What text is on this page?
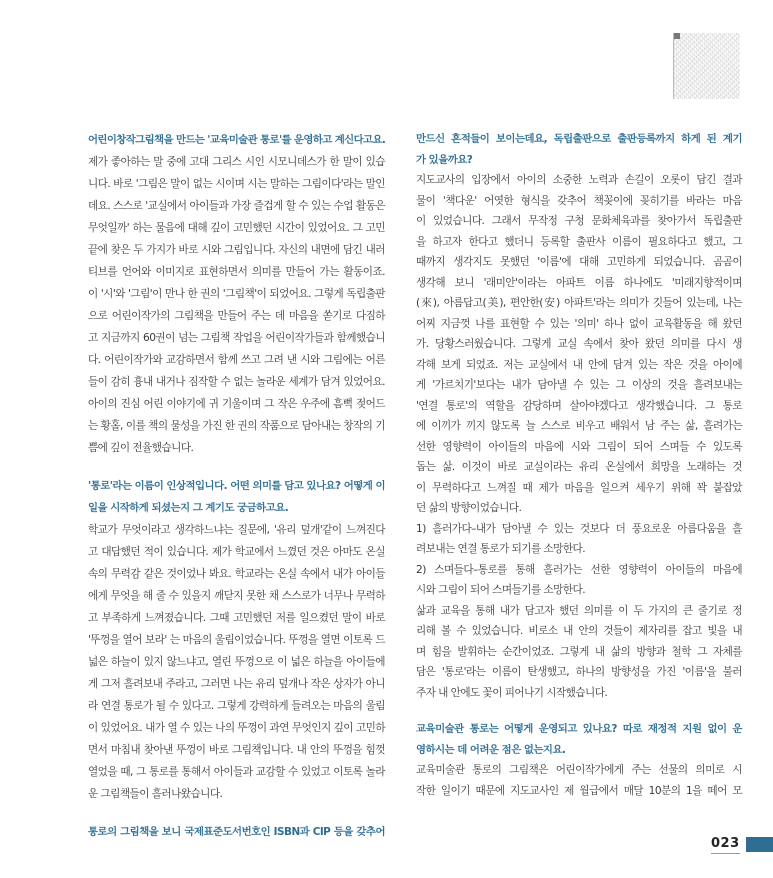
어린이창작그림책을 만드는 '교육미술관 통로'를 운영하고 계신다고요.
제가 좋아하는 말 중에 고대 그리스 시인 시모니데스가 한 말이 있습
니다. 바로 '그림은 말이 없는 시이며 시는 말하는 그림이다'라는 말인
데요. 스스로 '교실에서 아이들과 가장 즐겁게 할 수 있는 수업 활동은
무엇일까' 하는 물음에 대해 깊이 고민했던 시간이 있었어요. 그 고민
끝에 찾은 두 가지가 바로 시와 그림입니다. 자신의 내면에 담긴 내러
티브를 언어와 이미지로 표현하면서 의미를 만들어 가는 활동이죠.
이 '시'와 '그림'이 만나 한 권의 '그림책'이 되었어요. 그렇게 독립출판
으로 어린이작가의 그림책을 만들어 주는 데 마음을 쏟기로 다짐하
고 지금까지 60권이 넘는 그림책 작업을 어린이작가들과 함께했습니
다. 어린이작가와 교감하면서 함께 쓰고 그려 낸 시와 그림에는 어른
들이 감히 흉내 내거나 짐작할 수 없는 놀라운 세계가 담겨 있었어요.
아이의 진심 어린 이야기에 귀 기울이며 그 작은 우주에 흠뻑 젖어드
는 황홀, 이를 책의 물성을 가진 한 권의 작품으로 담아내는 창작의 기
쁨에 깊이 전율했습니다.
'통로'라는 이름이 인상적입니다. 어떤 의미를 담고 있나요? 어떻게 이
일을 시작하게 되셨는지 그 계기도 궁금하고요.
학교가 무엇이라고 생각하느냐는 질문에, '유리 덮개'같이 느껴진다
고 대답했던 적이 있습니다. 제가 학교에서 느꼈던 것은 아마도 온실
속의 무력감 같은 것이었나 봐요. 학교라는 온실 속에서 내가 아이들
에게 무엇을 해 줄 수 있을지 깨닫지 못한 채 스스로가 너무나 무력하
고 부족하게 느껴졌습니다. 그때 고민했던 저를 일으켰던 말이 바로
'뚜껑을 열어 보라' 는 마음의 울림이었습니다. 뚜껑을 열면 이토록 드
넓은 하늘이 있지 않느냐고, 열린 뚜껑으로 이 넓은 하늘을 아이들에
게 그저 흘려보내 주라고, 그러면 나는 유리 덮개나 작은 상자가 아니
라 연결 통로가 될 수 있다고. 그렇게 강력하게 들려오는 마음의 울림
이 있었어요. 내가 열 수 있는 나의 뚜껑이 과연 무엇인지 깊이 고민하
면서 마침내 찾아낸 뚜껑이 바로 그림책입니다. 내 안의 뚜껑을 힘껏
열었을 때, 그 통로를 통해서 아이들과 교감할 수 있었고 이토록 놀라
운 그림책들이 흘러나왔습니다.
통로의 그림책을 보니 국제표준도서번호인 ISBN과 CIP 등을 갖추어
만드신 흔적들이 보이는데요, 독립출판으로 출판등록까지 하게 된 계기
가 있을까요?
지도교사의 입장에서 아이의 소중한 노력과 손길이 오롯이 담긴 결과
물이 '책다운' 어엿한 형식을 갖추어 책꽂이에 꽂히기를 바라는 마음
이 있었습니다. 그래서 무작정 구청 문화체육과를 찾아가서 독립출판
을 하고자 한다고 했더니 등록할 출판사 이름이 필요하다고 했고, 그
때까지 생각지도 못했던 '이름'에 대해 고민하게 되었습니다. 곰곰이
생각해 보니 '래미안'이라는 아파트 이름 하나에도 '미래지향적이며
(來), 아름답고(美), 편안한(安) 아파트'라는 의미가 깃들어 있는데, 나는
어찌 지금껏 나를 표현할 수 있는 '의미' 하나 없이 교육활동을 해 왔던
가. 당황스러웠습니다. 그렇게 교실 속에서 찾아 왔던 의미를 다시 생
각해 보게 되었죠. 저는 교실에서 내 안에 담겨 있는 작은 것을 아이에
게 '가르치기'보다는 내가 담아낼 수 있는 그 이상의 것을 흘려보내는
'연결 통로'의 역할을 감당하며 살아야겠다고 생각했습니다. 그 통로
에 이끼가 끼지 않도록 늘 스스로 비우고 배워서 남 주는 삶, 흘려가는
선한 영향력이 아이들의 마음에 시와 그림이 되어 스며들 수 있도록
돕는 삶. 이것이 바로 교실이라는 유리 온실에서 희망을 노래하는 것
이 무력하다고 느껴질 때 제가 마음을 일으켜 세우기 위해 꽉 붙잡았
던 삶의 방향이었습니다.
1) 흘러가다–내가 담아낼 수 있는 것보다 더 풍요로운 아름다움을 흘
려보내는 연결 통로가 되기를 소망한다.
2) 스며들다–통로를 통해 흘러가는 선한 영향력이 아이들의 마음에
시와 그림이 되어 스며들기를 소망한다.
삶과 교육을 통해 내가 담고자 했던 의미를 이 두 가지의 큰 줄기로 정
리해 볼 수 있었습니다. 비로소 내 안의 것들이 제자리를 잡고 빛을 내
며 힘을 발휘하는 순간이었죠. 그렇게 내 삶의 방향과 철학 그 자체를
담은 '통로'라는 이름이 탄생했고, 하나의 방향성을 가진 '이름'을 불러
주자 내 안에도 꽃이 피어나기 시작했습니다.
교육미술관 통로는 어떻게 운영되고 있나요? 따로 재정적 지원 없이 운
영하시는 데 어려운 점은 없는지요.
교육미술관 통로의 그림책은 어린이작가에게 주는 선물의 의미로 시
작한 일이기 때문에 지도교사인 제 월급에서 매달 10분의 1을 떼어 모
023
